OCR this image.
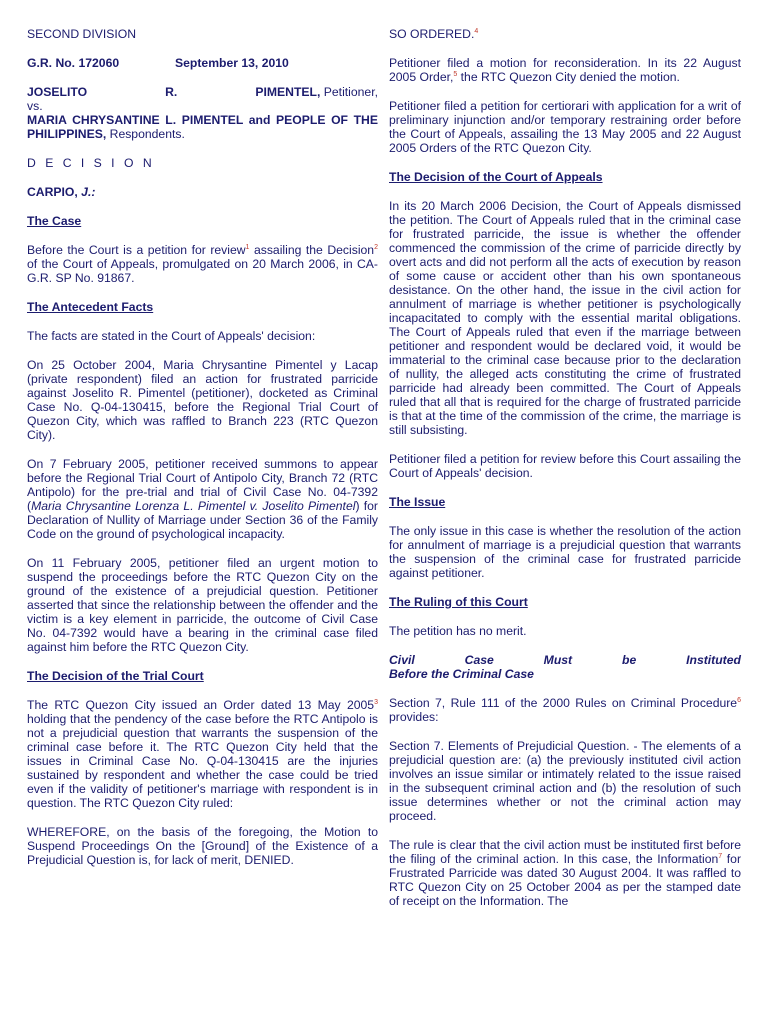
SECOND DIVISION
G.R. No. 172060	September 13, 2010
JOSELITO	R.	PIMENTEL, Petitioner,
vs.
MARIA CHRYSANTINE L. PIMENTEL and PEOPLE OF THE PHILIPPINES, Respondents.
D E C I S I O N
CARPIO, J.:
The Case

Before the Court is a petition for review$^1$ assailing the Decision$^2$ of the Court of Appeals, promulgated on 20 March 2006, in CA-G.R. SP No. 91867.

The Antecedent Facts

The facts are stated in the Court of Appeals' decision:

On 25 October 2004, Maria Chrysantine Pimentel y Lacap (private respondent) filed an action for frustrated parricide against Joselito R. Pimentel (petitioner), docketed as Criminal Case No. Q-04-130415, before the Regional Trial Court of Quezon City, which was raffled to Branch 223 (RTC Quezon City).

On 7 February 2005, petitioner received summons to appear before the Regional Trial Court of Antipolo City, Branch 72 (RTC Antipolo) for the pre-trial and trial of Civil Case No. 04-7392 (Maria Chrysantine Lorenza L. Pimentel v. Joselito Pimentel) for Declaration of Nullity of Marriage under Section 36 of the Family Code on the ground of psychological incapacity.

On 11 February 2005, petitioner filed an urgent motion to suspend the proceedings before the RTC Quezon City on the ground of the existence of a prejudicial question. Petitioner asserted that since the relationship between the offender and the victim is a key element in parricide, the outcome of Civil Case No. 04-7392 would have a bearing in the criminal case filed against him before the RTC Quezon City.

The Decision of the Trial Court

The RTC Quezon City issued an Order dated 13 May 2005$^3$ holding that the pendency of the case before the RTC Antipolo is not a prejudicial question that warrants the suspension of the criminal case before it. The RTC Quezon City held that the issues in Criminal Case No. Q-04-130415 are the injuries sustained by respondent and whether the case could be tried even if the validity of petitioner's marriage with respondent is in question. The RTC Quezon City ruled:

WHEREFORE, on the basis of the foregoing, the Motion to Suspend Proceedings On the [Ground] of the Existence of a Prejudicial Question is, for lack of merit, DENIED.

SO ORDERED.$^4$

Petitioner filed a motion for reconsideration. In its 22 August 2005 Order,$^5$ the RTC Quezon City denied the motion.

Petitioner filed a petition for certiorari with application for a writ of preliminary injunction and/or temporary restraining order before the Court of Appeals, assailing the 13 May 2005 and 22 August 2005 Orders of the RTC Quezon City.

The Decision of the Court of Appeals

In its 20 March 2006 Decision, the Court of Appeals dismissed the petition. The Court of Appeals ruled that in the criminal case for frustrated parricide, the issue is whether the offender commenced the commission of the crime of parricide directly by overt acts and did not perform all the acts of execution by reason of some cause or accident other than his own spontaneous desistance. On the other hand, the issue in the civil action for annulment of marriage is whether petitioner is psychologically incapacitated to comply with the essential marital obligations. The Court of Appeals ruled that even if the marriage between petitioner and respondent would be declared void, it would be immaterial to the criminal case because prior to the declaration of nullity, the alleged acts constituting the crime of frustrated parricide had already been committed. The Court of Appeals ruled that all that is required for the charge of frustrated parricide is that at the time of the commission of the crime, the marriage is still subsisting.

Petitioner filed a petition for review before this Court assailing the Court of Appeals' decision.

The Issue

The only issue in this case is whether the resolution of the action for annulment of marriage is a prejudicial question that warrants the suspension of the criminal case for frustrated parricide against petitioner.

The Ruling of this Court

The petition has no merit.

Civil	Case	Must	be	Instituted
Before the Criminal Case

Section 7, Rule 111 of the 2000 Rules on Criminal Procedure$^6$ provides:

Section 7. Elements of Prejudicial Question. - The elements of a prejudicial question are: (a) the previously instituted civil action involves an issue similar or intimately related to the issue raised in the subsequent criminal action and (b) the resolution of such issue determines whether or not the criminal action may proceed.

The rule is clear that the civil action must be instituted first before the filing of the criminal action. In this case, the Information$^7$ for Frustrated Parricide was dated 30 August 2004. It was raffled to RTC Quezon City on 25 October 2004 as per the stamped date of receipt on the Information. The
